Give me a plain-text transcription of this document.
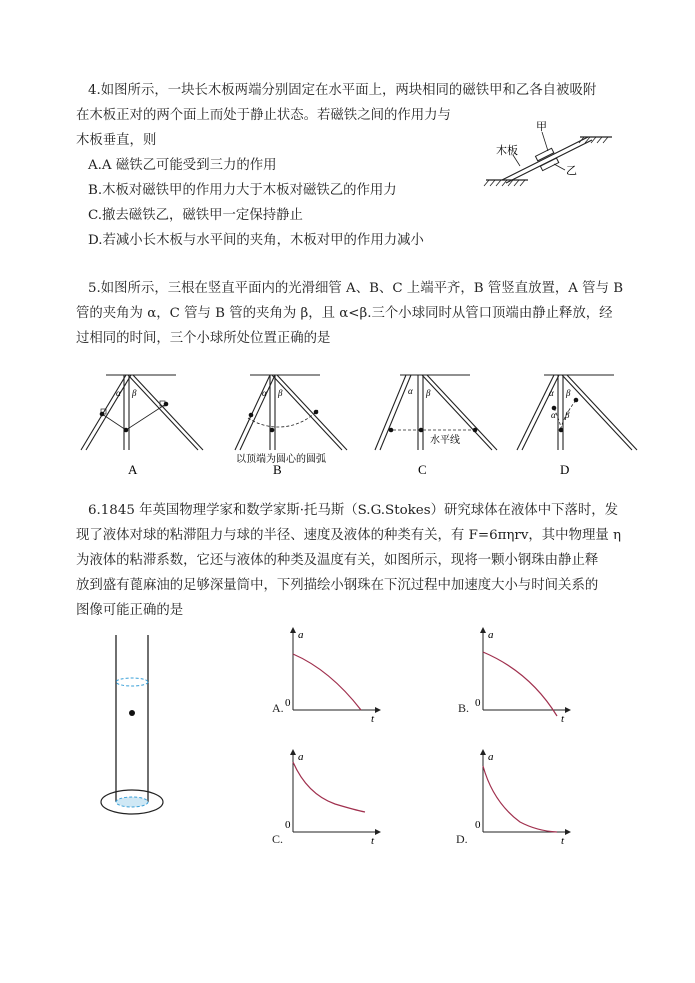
4.如图所示，一块长木板两端分别固定在水平面上，两块相同的磁铁甲和乙各自被吸附
在木板正对的两个面上而处于静止状态。若磁铁之间的作用力与
木板垂直，则
A.A 磁铁乙可能受到三力的作用
B.木板对磁铁甲的作用力大于木板对磁铁乙的作用力
C.撤去磁铁乙，磁铁甲一定保持静止
D.若减小长木板与水平间的夹角，木板对甲的作用力减小
木板
甲
乙
5.如图所示，三根在竖直平面内的光滑细管 A、B、C 上端平齐，B 管竖直放置，A 管与 B
管的夹角为 α，C 管与 B 管的夹角为 β，且 α<β.三个小球同时从管口顶端由静止释放，经
过相同的时间，三个小球所处位置正确的是
α β
A
α β
以顶端为圆心的圆弧
B
α β
水平线
C
α β
α β
D
6.1845 年英国物理学家和数学家斯·托马斯（S.G.Stokes）研究球体在液体中下落时，发
现了液体对球的粘滞阻力与球的半径、速度及液体的种类有关，有 F=6πηrv，其中物理量 η
为液体的粘滞系数，它还与液体的种类及温度有关，如图所示，现将一颗小钢珠由静止释
放到盛有蓖麻油的足够深量筒中，下列描绘小钢珠在下沉过程中加速度大小与时间关系的
图像可能正确的是
a
t
0
A.
a
t
0
B.
a
t
0
C.
a
t
0
D.
